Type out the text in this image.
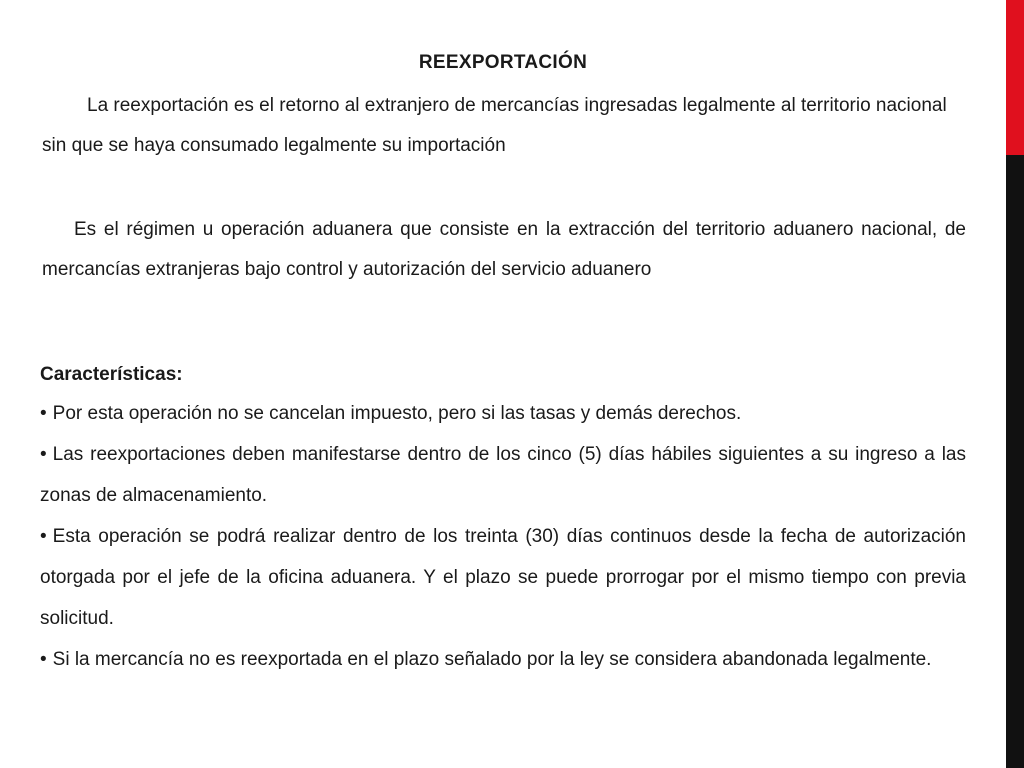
REEXPORTACIÓN

La reexportación es el retorno al extranjero de mercancías ingresadas legalmente al territorio nacional sin que se haya consumado legalmente su importación

Es el régimen u operación aduanera que consiste en la extracción del territorio aduanero nacional, de mercancías extranjeras bajo control y autorización del servicio aduanero

Características:
• Por esta operación no se cancelan impuesto, pero si las tasas y demás derechos.
• Las reexportaciones deben manifestarse dentro de los cinco (5) días hábiles siguientes a su ingreso a las zonas de almacenamiento.
• Esta operación se podrá realizar dentro de los treinta (30) días continuos desde la fecha de autorización otorgada por el jefe de la oficina aduanera. Y el plazo se puede prorrogar por el mismo tiempo con previa solicitud.
• Si la mercancía no es reexportada en el plazo señalado por la ley se considera abandonada legalmente.
